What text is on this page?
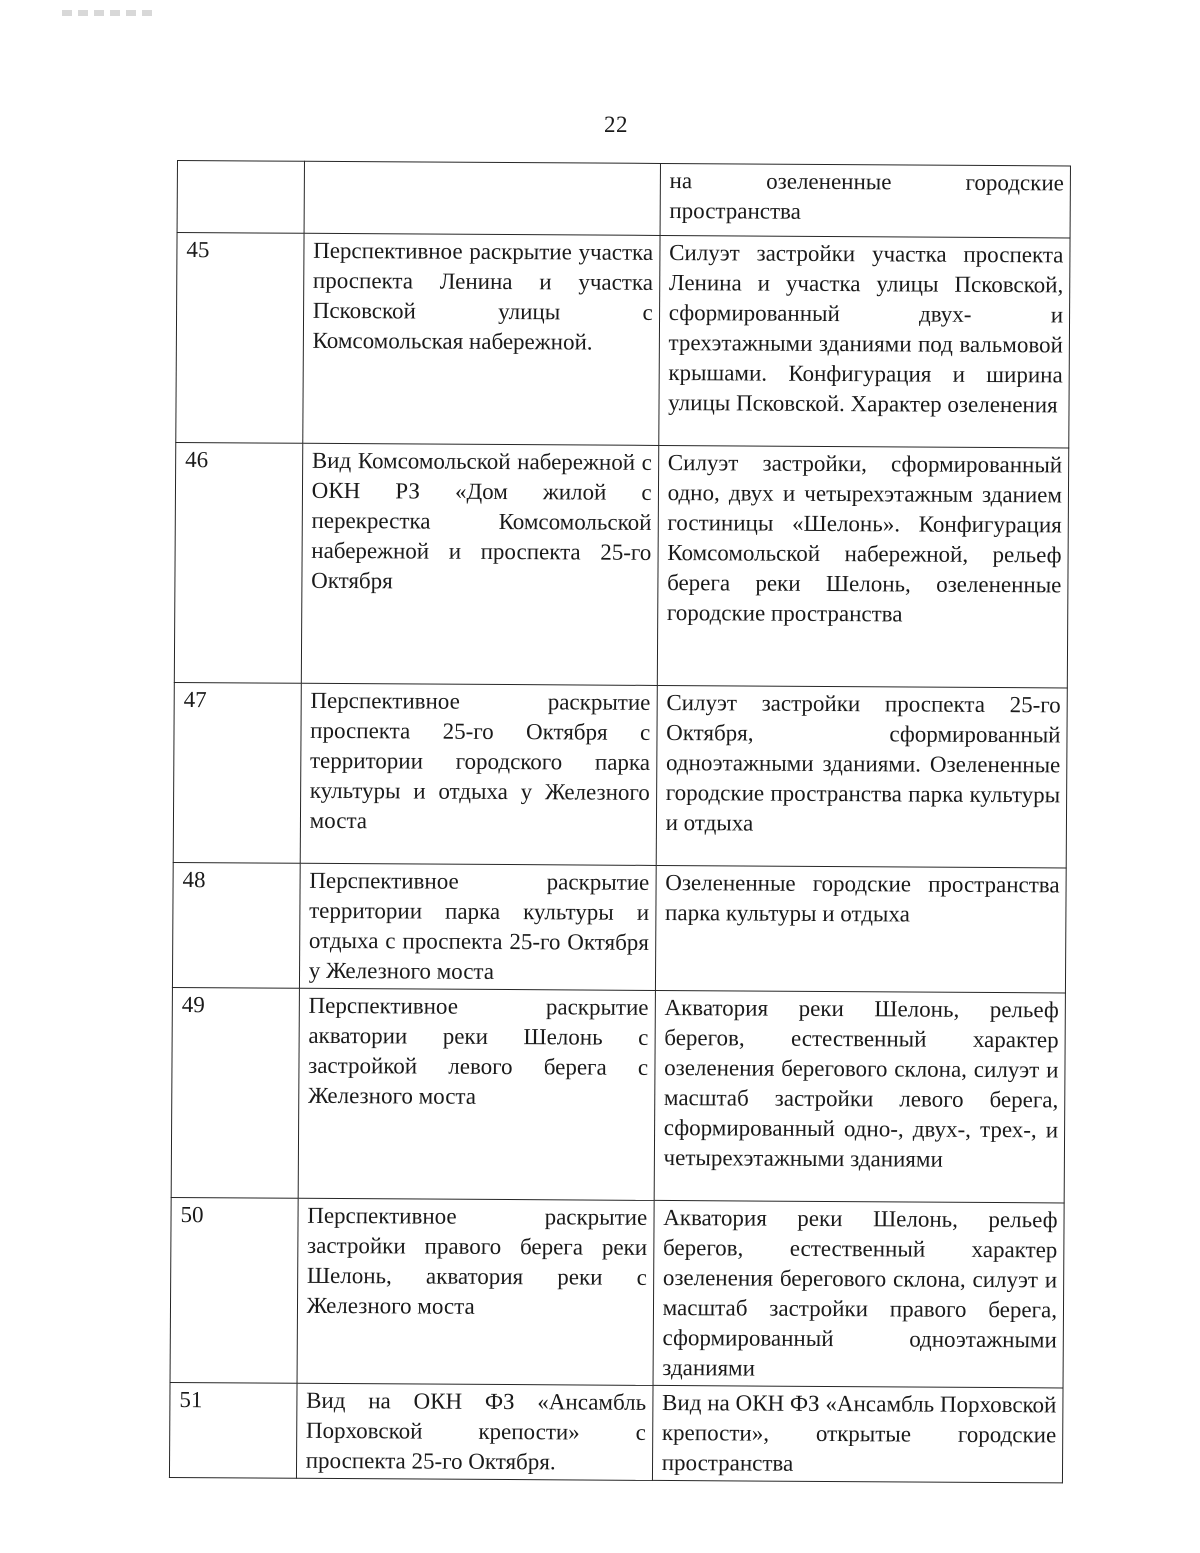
22
		на озелененные городские пространства
45	Перспективное раскрытие участка проспекта Ленина и участка Псковской улицы с Комсомольская набережной.	Силуэт застройки участка проспекта Ленина и участка улицы Псковской, сформированный двух- и трехэтажными зданиями под вальмовой крышами. Конфигурация и ширина улицы Псковской. Характер озеленения
46	Вид Комсомольской набережной с ОКН РЗ «Дом жилой с перекрестка Комсомольской набережной и проспекта 25-го Октября	Силуэт застройки, сформированный одно, двух и четырехэтажным зданием гостиницы «Шелонь». Конфигурация Комсомольской набережной, рельеф берега реки Шелонь, озелененные городские пространства
47	Перспективное раскрытие проспекта 25-го Октября с территории городского парка культуры и отдыха у Железного моста	Силуэт застройки проспекта 25-го Октября, сформированный одноэтажными зданиями. Озелененные городские пространства парка культуры и отдыха
48	Перспективное раскрытие территории парка культуры и отдыха с проспекта 25-го Октября у Железного моста	Озелененные городские пространства парка культуры и отдыха
49	Перспективное раскрытие акватории реки Шелонь с застройкой левого берега с Железного моста	Акватория реки Шелонь, рельеф берегов, естественный характер озеленения берегового склона, силуэт и масштаб застройки левого берега, сформированный одно-, двух-, трех-, и четырехэтажными зданиями
50	Перспективное раскрытие застройки правого берега реки Шелонь, акватория реки с Железного моста	Акватория реки Шелонь, рельеф берегов, естественный характер озеленения берегового склона, силуэт и масштаб застройки правого берега, сформированный одноэтажными зданиями
51	Вид на ОКН ФЗ «Ансамбль Порховской крепости» с проспекта 25-го Октября.	Вид на ОКН ФЗ «Ансамбль Порховской крепости», открытые городские пространства
